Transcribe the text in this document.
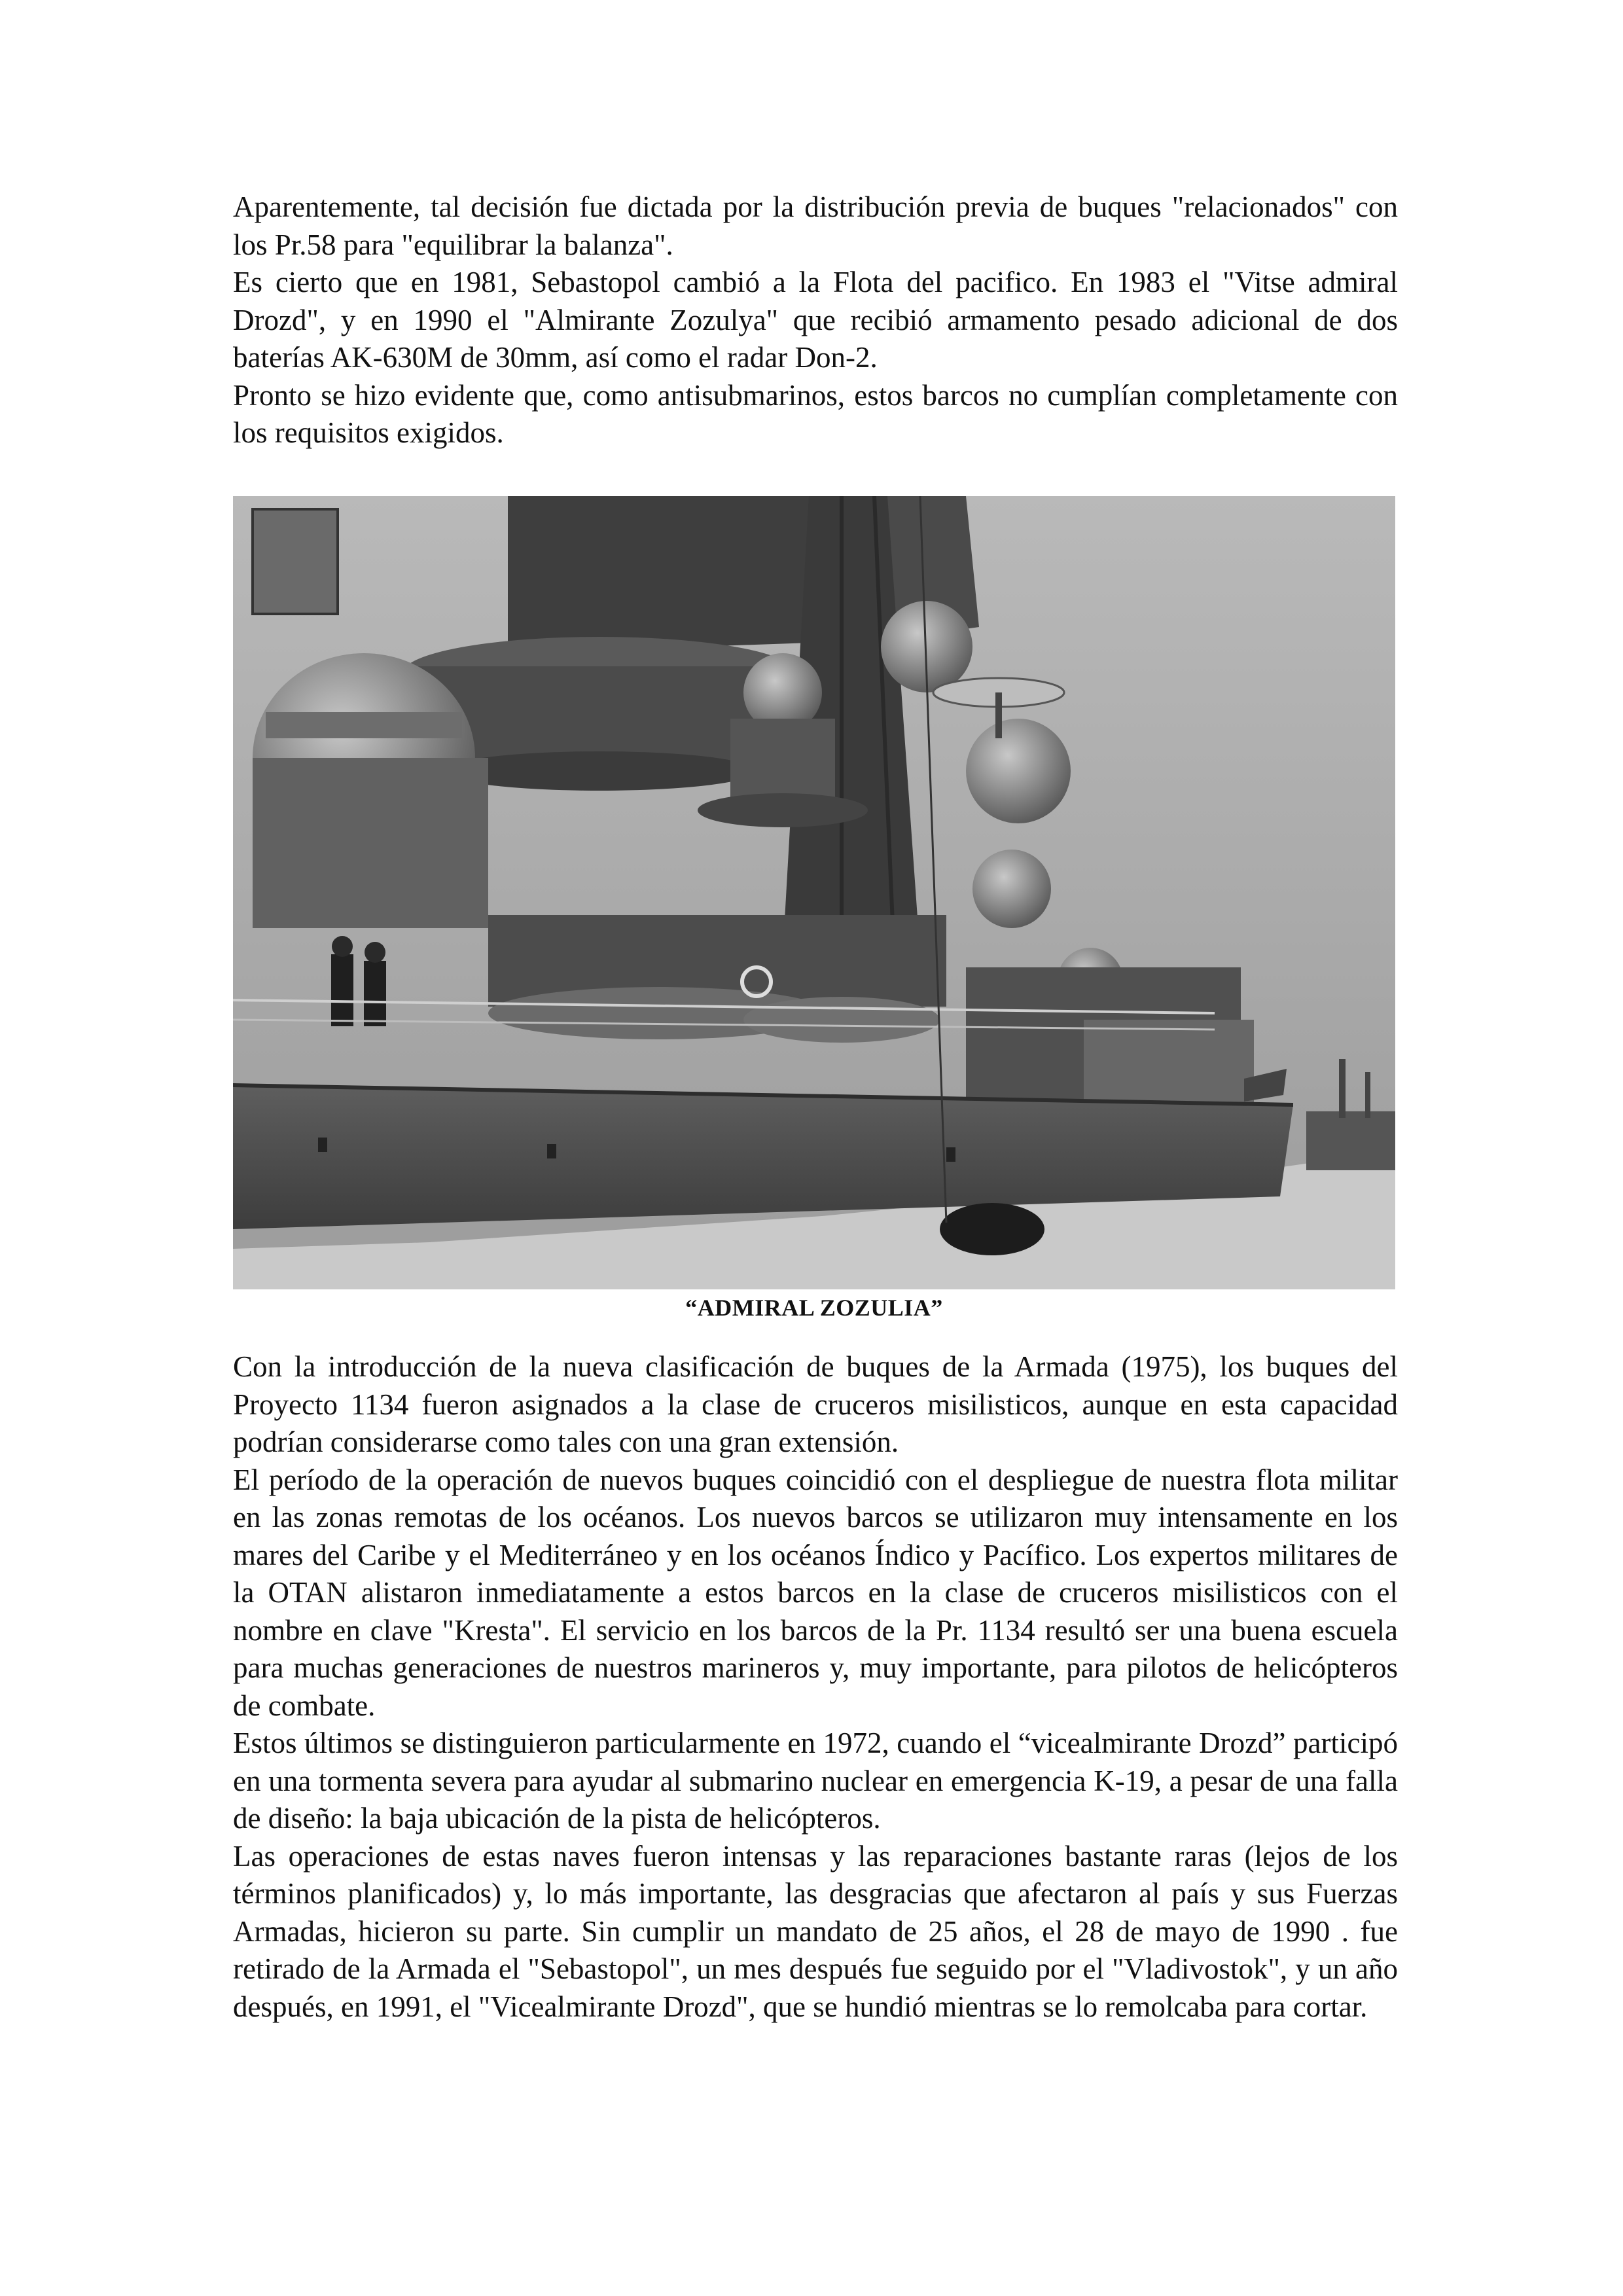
Aparentemente, tal decisión fue dictada por la distribución previa de buques "relacionados" con los Pr.58 para "equilibrar la balanza".

Es cierto que en 1981, Sebastopol cambió a la Flota del pacifico. En 1983 el "Vitse admiral Drozd", y en 1990 el "Almirante Zozulya" que recibió armamento pesado adicional de dos baterías AK-630M de 30mm, así como el radar Don-2.

Pronto se hizo evidente que, como antisubmarinos, estos barcos no cumplían completamente con los requisitos exigidos.

“ADMIRAL ZOZULIA”

Con la introducción de la nueva clasificación de buques de la Armada (1975), los buques del Proyecto 1134 fueron asignados a la clase de cruceros misilisticos, aunque en esta capacidad podrían considerarse como tales con una gran extensión.

El período de la operación de nuevos buques coincidió con el despliegue de nuestra flota militar en las zonas remotas de los océanos. Los nuevos barcos se utilizaron muy intensamente en los mares del Caribe y el Mediterráneo y en los océanos Índico y Pacífico. Los expertos militares de la OTAN alistaron inmediatamente a estos barcos en la clase de cruceros misilisticos con el nombre en clave "Kresta". El servicio en los barcos de la Pr. 1134 resultó ser una buena escuela para muchas generaciones de nuestros marineros y, muy importante, para pilotos de helicópteros de combate.

Estos últimos se distinguieron particularmente en 1972, cuando el “vicealmirante Drozd” participó en una tormenta severa para ayudar al submarino nuclear en emergencia K-19, a pesar de una falla de diseño: la baja ubicación de la pista de helicópteros.

Las operaciones de estas naves fueron intensas y las reparaciones bastante raras (lejos de los términos planificados) y, lo más importante, las desgracias que afectaron al país y sus Fuerzas Armadas, hicieron su parte. Sin cumplir un mandato de 25 años, el 28 de mayo de 1990 . fue retirado de la Armada el "Sebastopol", un mes después fue seguido por el "Vladivostok", y un año después, en 1991, el "Vicealmirante Drozd", que se hundió mientras se lo remolcaba para cortar.
